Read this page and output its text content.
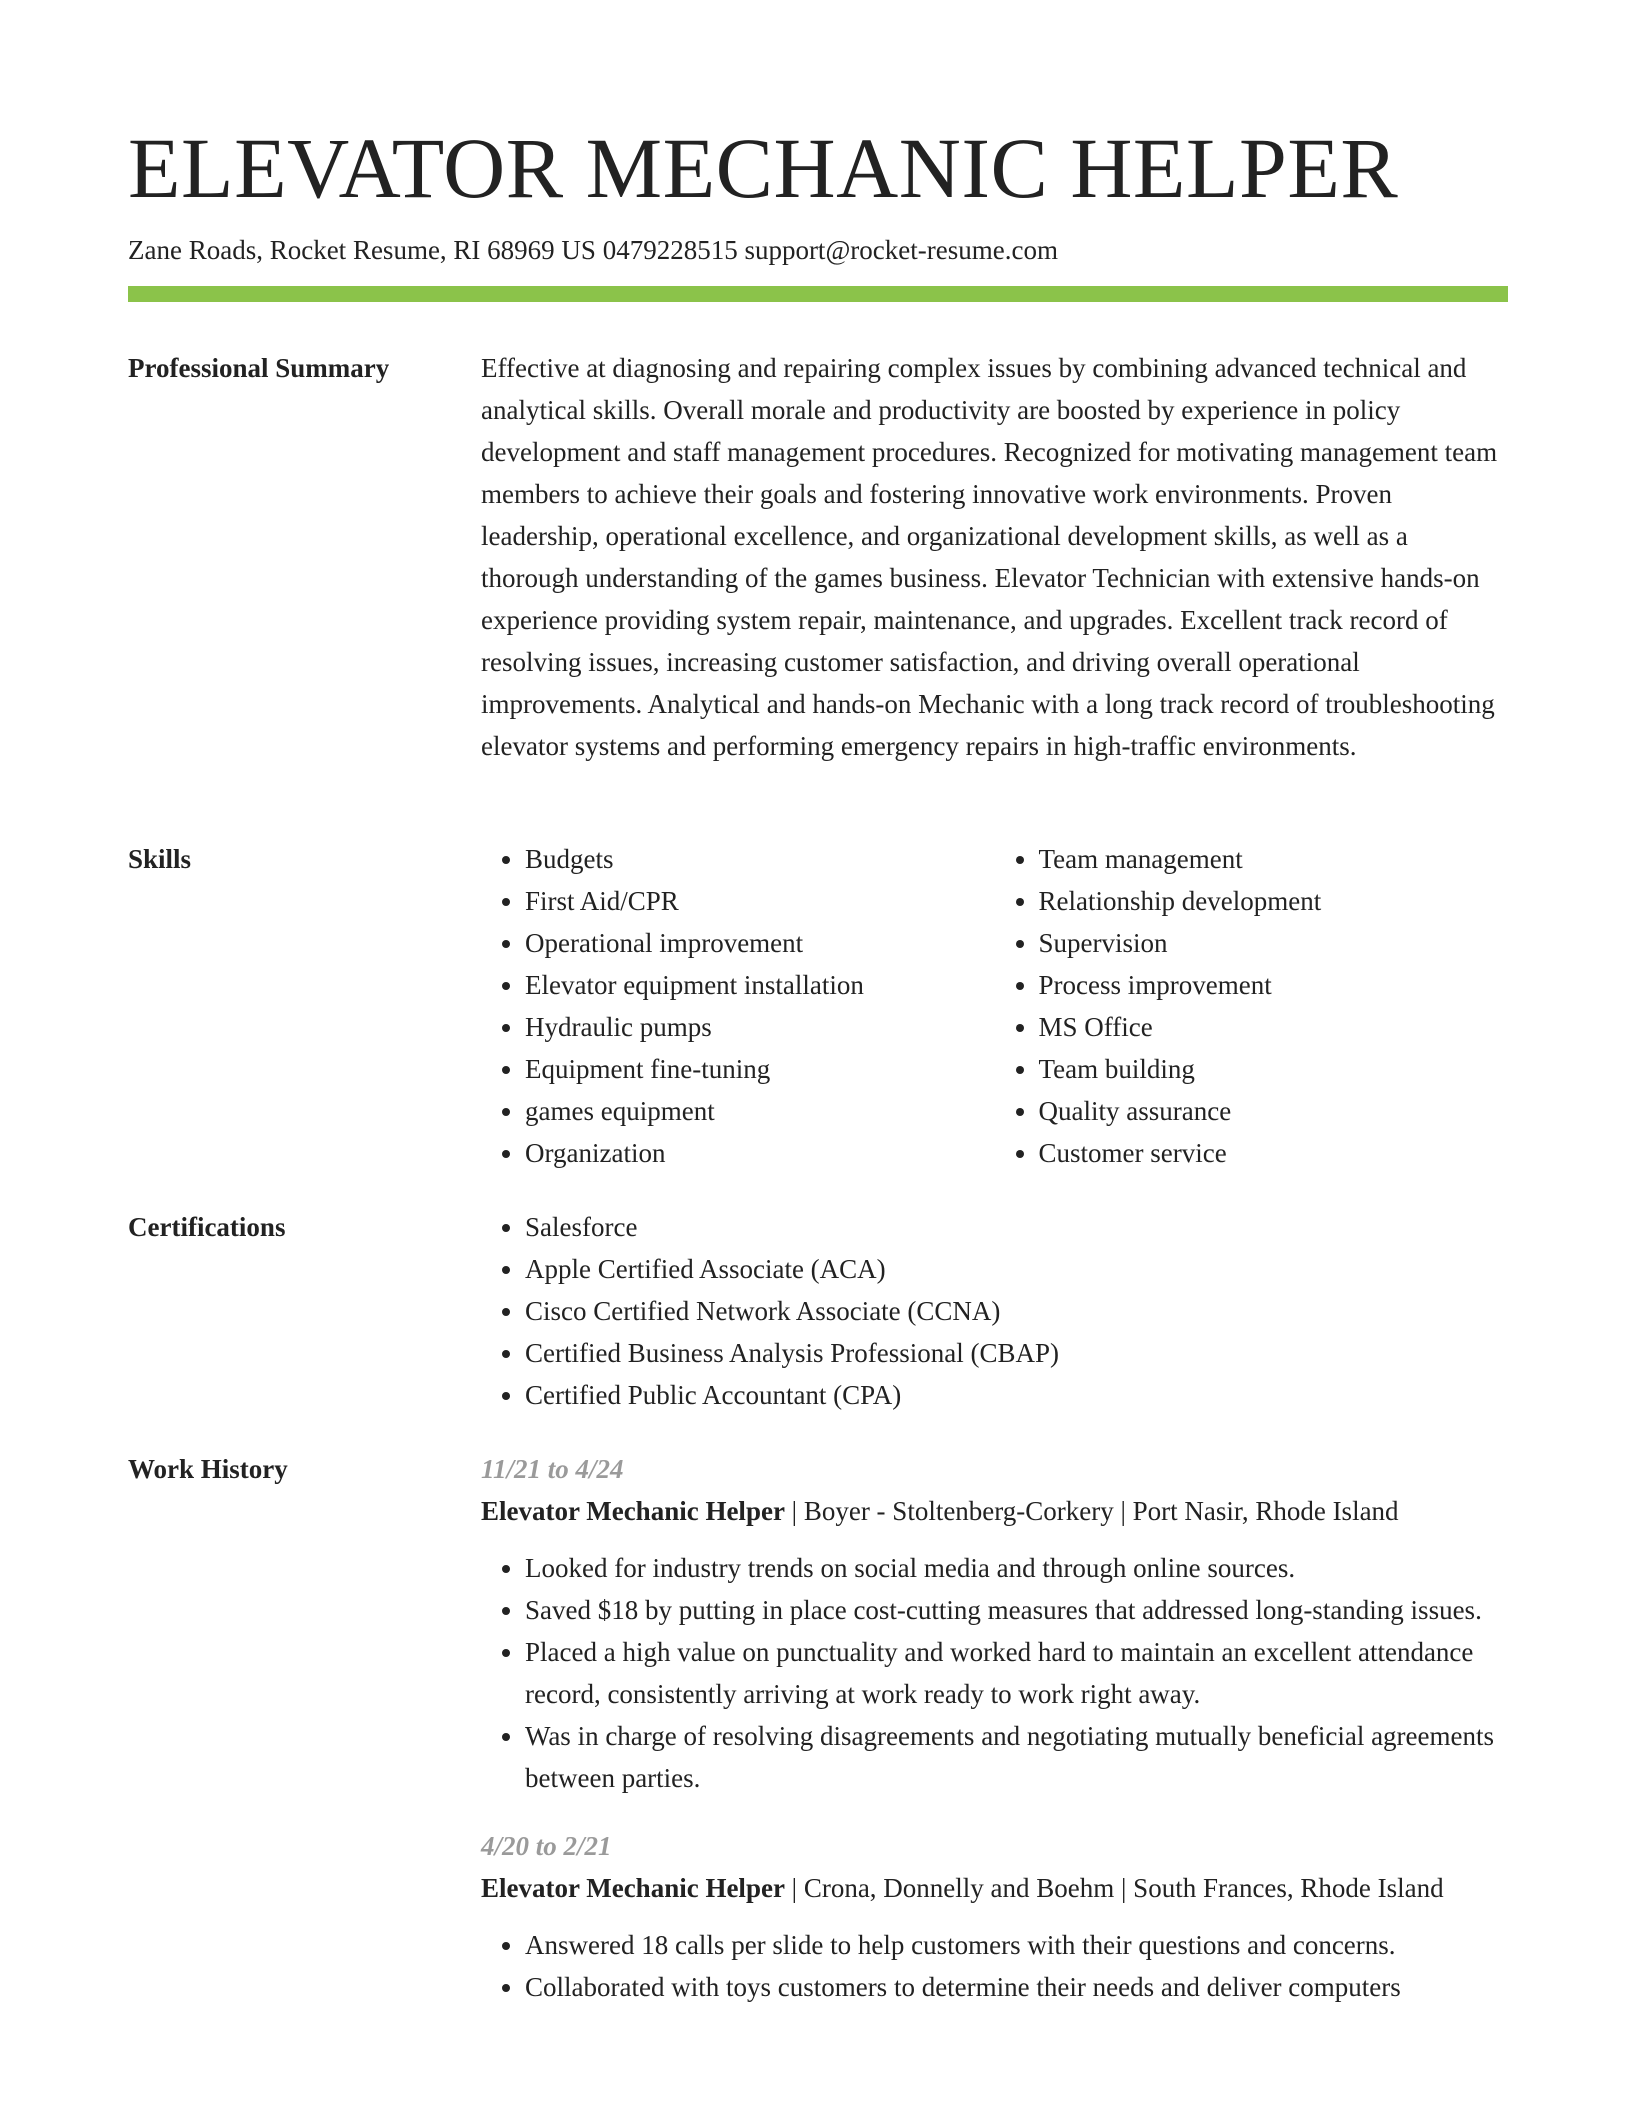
ELEVATOR MECHANIC HELPER
Zane Roads, Rocket Resume, RI 68969 US 0479228515 support@rocket-resume.com
Professional Summary	Effective at diagnosing and repairing complex issues by combining advanced technical and analytical skills. Overall morale and productivity are boosted by experience in policy development and staff management procedures. Recognized for motivating management team members to achieve their goals and fostering innovative work environments. Proven leadership, operational excellence, and organizational development skills, as well as a thorough understanding of the games business. Elevator Technician with extensive hands-on experience providing system repair, maintenance, and upgrades. Excellent track record of resolving issues, increasing customer satisfaction, and driving overall operational improvements. Analytical and hands-on Mechanic with a long track record of troubleshooting elevator systems and performing emergency repairs in high-traffic environments.

Skills	• Budgets
• First Aid/CPR
• Operational improvement
• Elevator equipment installation
• Hydraulic pumps
• Equipment fine-tuning
• games equipment
• Organization
• Team management
• Relationship development
• Supervision
• Process improvement
• MS Office
• Team building
• Quality assurance
• Customer service
Certifications	• Salesforce
• Apple Certified Associate (ACA)
• Cisco Certified Network Associate (CCNA)
• Certified Business Analysis Professional (CBAP)
• Certified Public Accountant (CPA)
Work History	11/21 to 4/24
Elevator Mechanic Helper | Boyer - Stoltenberg-Corkery | Port Nasir, Rhode Island
• Looked for industry trends on social media and through online sources.
• Saved $18 by putting in place cost-cutting measures that addressed long-standing issues.
• Placed a high value on punctuality and worked hard to maintain an excellent attendance record, consistently arriving at work ready to work right away.
• Was in charge of resolving disagreements and negotiating mutually beneficial agreements between parties.
4/20 to 2/21
Elevator Mechanic Helper | Crona, Donnelly and Boehm | South Frances, Rhode Island
• Answered 18 calls per slide to help customers with their questions and concerns.
• Collaborated with toys customers to determine their needs and deliver computers
